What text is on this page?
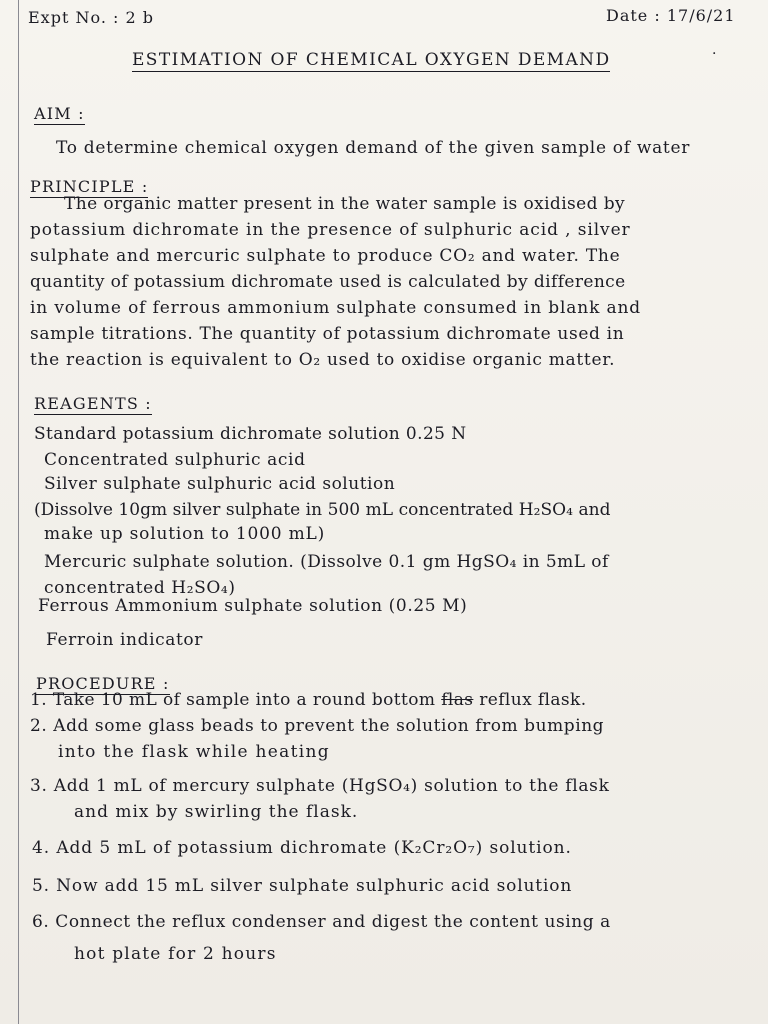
Expt No. : 2 b	Date : 17/6/21
ESTIMATION OF CHEMICAL OXYGEN DEMAND	·
AIM :
To determine chemical oxygen demand of the given sample of water
PRINCIPLE :
The organic matter present in the water sample is oxidised by
potassium dichromate in the presence of sulphuric acid , silver
sulphate and mercuric sulphate to produce CO₂ and water. The
quantity of potassium dichromate used is calculated by difference
in volume of ferrous ammonium sulphate consumed in blank and
sample titrations. The quantity of potassium dichromate used in
the reaction is equivalent to O₂ used to oxidise organic matter.
REAGENTS :
Standard potassium dichromate solution 0.25 N
Concentrated sulphuric acid
Silver sulphate sulphuric acid solution
(Dissolve 10gm silver sulphate in 500 mL concentrated H₂SO₄ and
make up solution to 1000 mL)
Mercuric sulphate solution. (Dissolve 0.1 gm HgSO₄ in 5mL of
concentrated H₂SO₄)
Ferrous Ammonium sulphate solution (0.25 M)
Ferroin indicator
PROCEDURE :
1. Take 10 mL of sample into a round bottom flas reflux flask.
2. Add some glass beads to prevent the solution from bumping
into the flask while heating
3. Add 1 mL of mercury sulphate (HgSO₄) solution to the flask
and mix by swirling the flask.
4. Add 5 mL of potassium dichromate (K₂Cr₂O₇) solution.
5. Now add 15 mL silver sulphate sulphuric acid solution
6. Connect the reflux condenser and digest the content using a
hot plate for 2 hours
